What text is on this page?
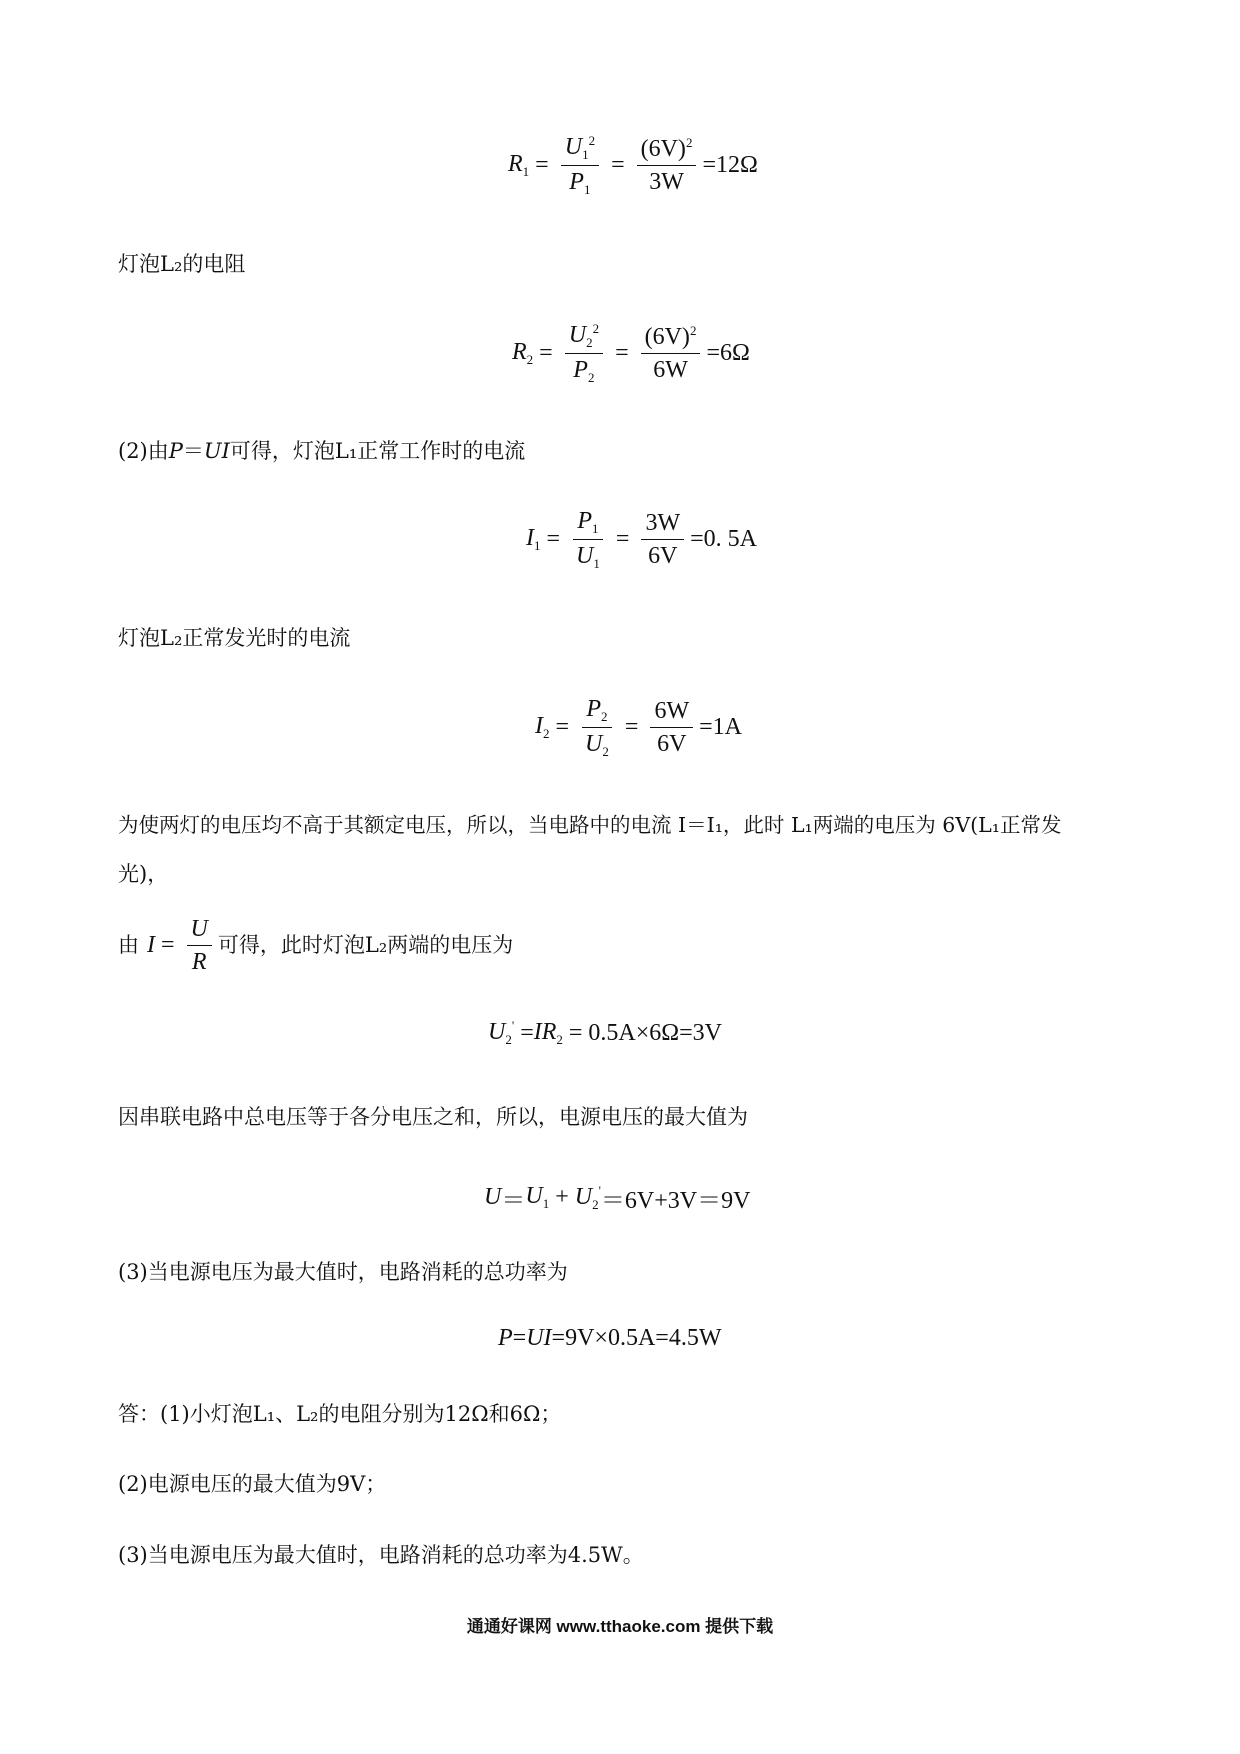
$R_1 = \frac{U_1^2}{P_1} = \frac{(6V)^2}{3W} =12\Omega$
灯泡L₂的电阻
$R_2 = \frac{U_2^2}{P_2} = \frac{(6V)^2}{6W} =6\Omega$
(2)由P＝UI可得，灯泡L₁正常工作时的电流
$I_1 = \frac{P_1}{U_1} = \frac{3W}{6V} =0$. 5A
灯泡L₂正常发光时的电流
$I_2 = \frac{P_2}{U_2} = \frac{6W}{6V} =1A$
为使两灯的电压均不高于其额定电压，所以，当电路中的电流 I＝I₁，此时 L₁两端的电压为 6V(L₁正常发
光)，
由 $I = \frac{U}{R}$ 可得，此时灯泡L₂两端的电压为
$U_2' = IR_2 = 0.5A\times 6\Omega=3V$
因串联电路中总电压等于各分电压之和，所以，电源电压的最大值为
$U = U_1 + U_2' =6V+3V=9V$
(3)当电源电压为最大值时，电路消耗的总功率为
P = UI =9V×0.5A=4.5W
答：(1)小灯泡L₁、L₂的电阻分别为12Ω和6Ω；
(2)电源电压的最大值为9V；
(3)当电源电压为最大值时，电路消耗的总功率为4.5W。
通通好课网 www.tthaoke.com 提供下载
